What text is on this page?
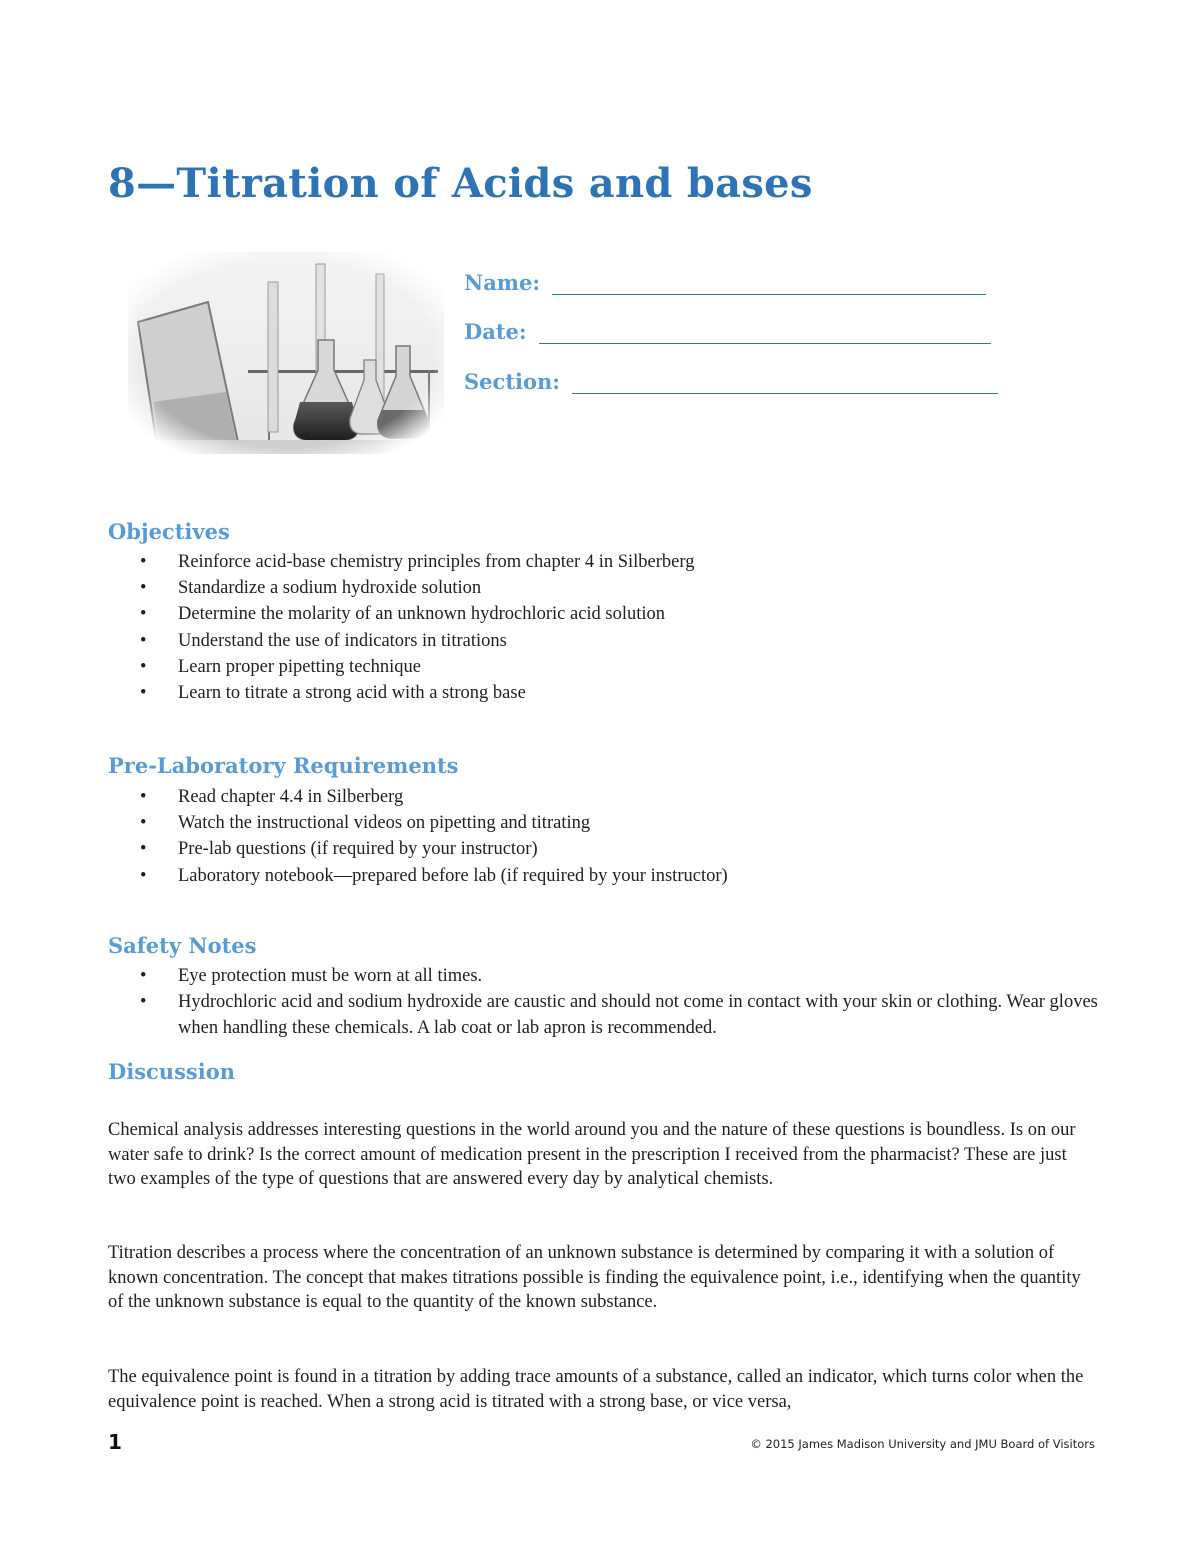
8—Titration of Acids and bases
Name:
Date:
Section:
Objectives
• Reinforce acid-base chemistry principles from chapter 4 in Silberberg
• Standardize a sodium hydroxide solution
• Determine the molarity of an unknown hydrochloric acid solution
• Understand the use of indicators in titrations
• Learn proper pipetting technique
• Learn to titrate a strong acid with a strong base
Pre-Laboratory Requirements
• Read chapter 4.4 in Silberberg
• Watch the instructional videos on pipetting and titrating
• Pre-lab questions (if required by your instructor)
• Laboratory notebook—prepared before lab (if required by your instructor)
Safety Notes
• Eye protection must be worn at all times.
• Hydrochloric acid and sodium hydroxide are caustic and should not come in contact with your skin or clothing. Wear gloves when handling these chemicals. A lab coat or lab apron is recommended.
Discussion

Chemical analysis addresses interesting questions in the world around you and the nature of these questions is boundless. Is on our water safe to drink? Is the correct amount of medication present in the prescription I received from the pharmacist? These are just two examples of the type of questions that are answered every day by analytical chemists.

Titration describes a process where the concentration of an unknown substance is determined by comparing it with a solution of known concentration. The concept that makes titrations possible is finding the equivalence point, i.e., identifying when the quantity of the unknown substance is equal to the quantity of the known substance.

The equivalence point is found in a titration by adding trace amounts of a substance, called an indicator, which turns color when the equivalence point is reached. When a strong acid is titrated with a strong base, or vice versa,

1	© 2015 James Madison University and JMU Board of Visitors
